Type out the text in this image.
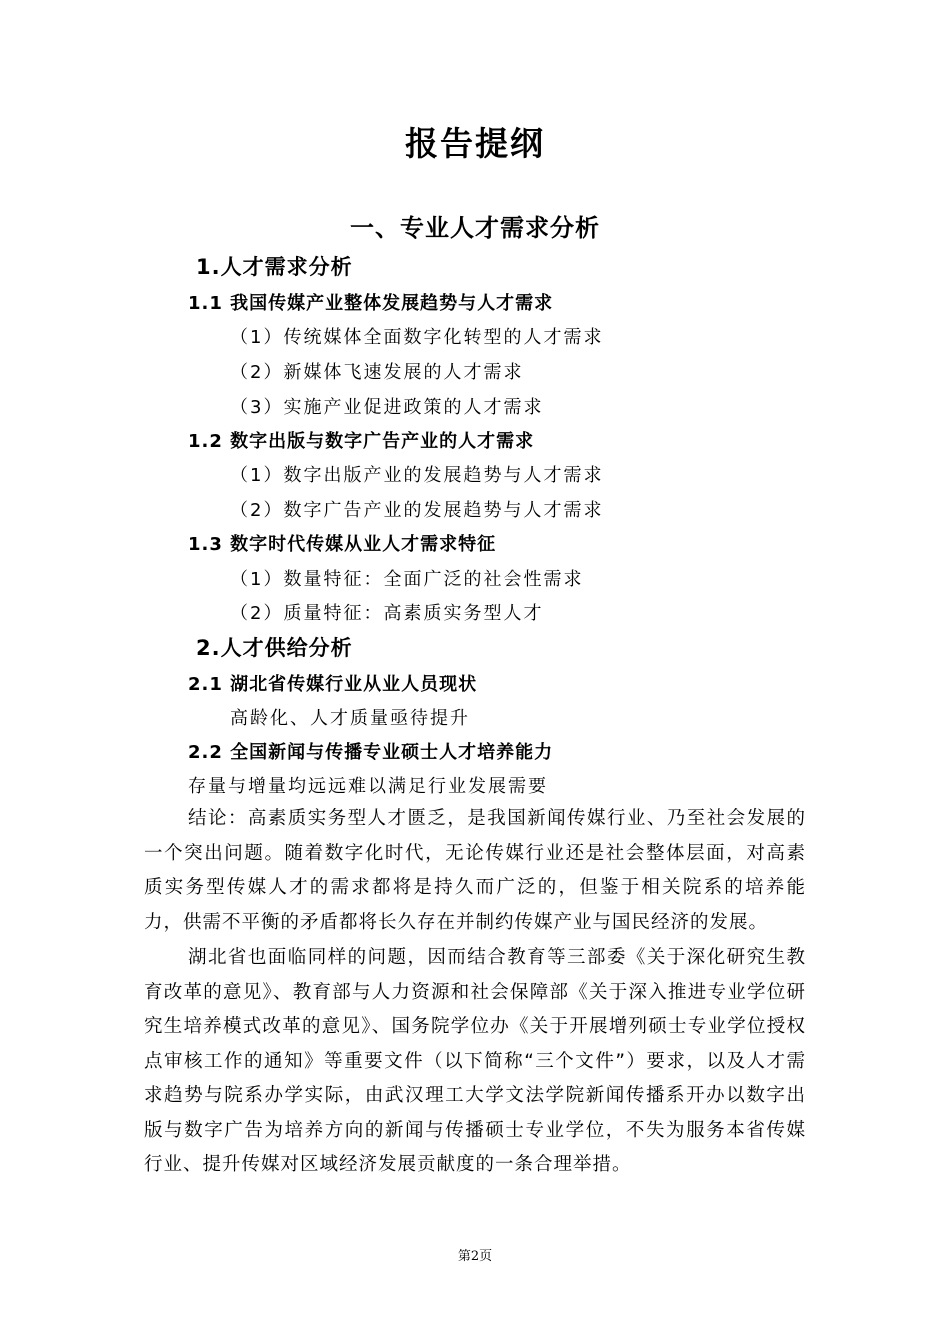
报告提纲
一、专业人才需求分析
1.人才需求分析
1.1 我国传媒产业整体发展趋势与人才需求
（1）传统媒体全面数字化转型的人才需求
（2）新媒体飞速发展的人才需求
（3）实施产业促进政策的人才需求
1.2 数字出版与数字广告产业的人才需求
（1）数字出版产业的发展趋势与人才需求
（2）数字广告产业的发展趋势与人才需求
1.3 数字时代传媒从业人才需求特征
（1）数量特征：全面广泛的社会性需求
（2）质量特征：高素质实务型人才
2.人才供给分析
2.1 湖北省传媒行业从业人员现状
高龄化、人才质量亟待提升
2.2 全国新闻与传播专业硕士人才培养能力
存量与增量均远远难以满足行业发展需要

结论：高素质实务型人才匮乏，是我国新闻传媒行业、乃至社会发展的一个突出问题。随着数字化时代，无论传媒行业还是社会整体层面，对高素质实务型传媒人才的需求都将是持久而广泛的，但鉴于相关院系的培养能力，供需不平衡的矛盾都将长久存在并制约传媒产业与国民经济的发展。

湖北省也面临同样的问题，因而结合教育等三部委《关于深化研究生教育改革的意见》、教育部与人力资源和社会保障部《关于深入推进专业学位研究生培养模式改革的意见》、国务院学位办《关于开展增列硕士专业学位授权点审核工作的通知》等重要文件（以下简称“三个文件”）要求，以及人才需求趋势与院系办学实际，由武汉理工大学文法学院新闻传播系开办以数字出版与数字广告为培养方向的新闻与传播硕士专业学位，不失为服务本省传媒行业、提升传媒对区域经济发展贡献度的一条合理举措。

第2页
